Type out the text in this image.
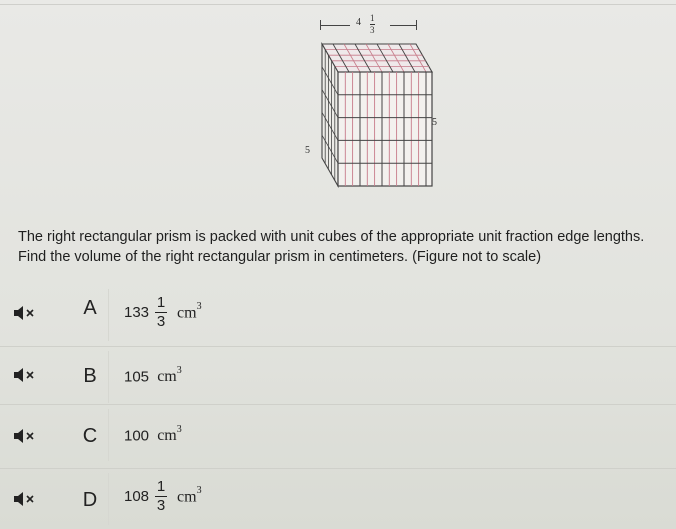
4 1
3
5
5
The right rectangular prism is packed with unit cubes of the appropriate unit fraction edge lengths.
Find the volume of the right rectangular prism in centimeters. (Figure not to scale)
A	$133 \frac{1}{3} cm^3$
B	105 $cm^3$
C	100 $cm^3$
D	$108 \frac{1}{3} cm^3$
